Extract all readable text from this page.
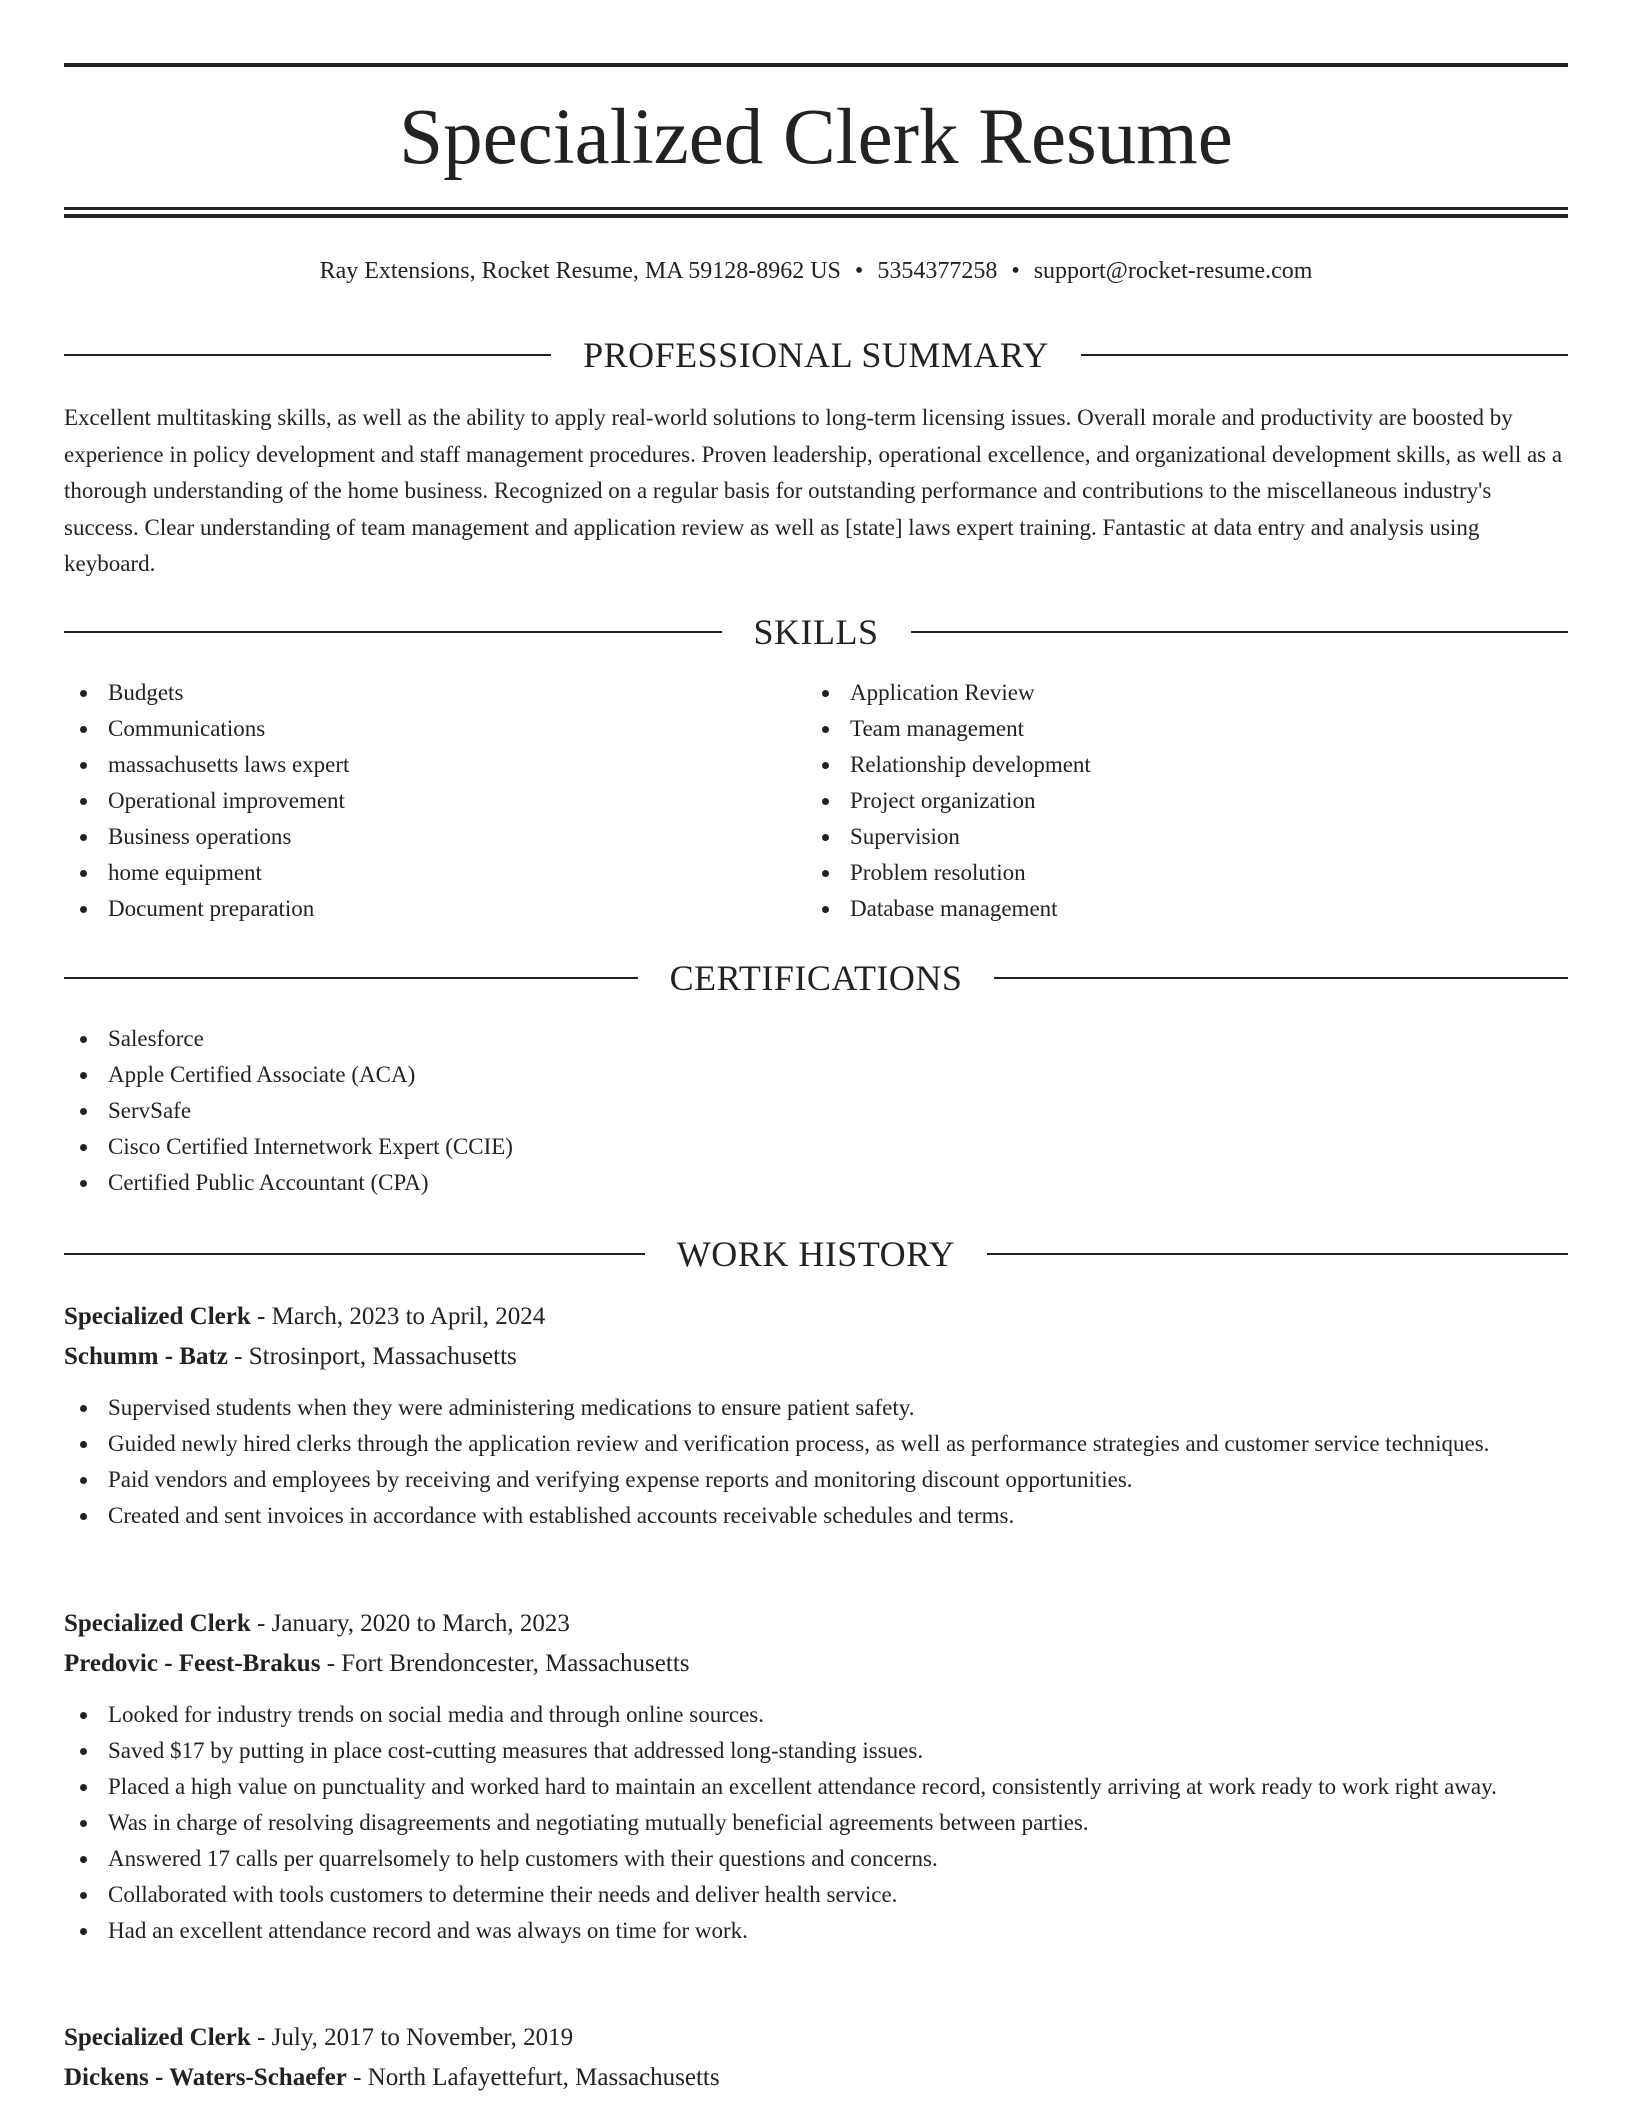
Specialized Clerk Resume
Ray Extensions, Rocket Resume, MA 59128-8962 US • 5354377258 • support@rocket-resume.com
PROFESSIONAL SUMMARY

Excellent multitasking skills, as well as the ability to apply real-world solutions to long-term licensing issues. Overall morale and productivity are boosted by experience in policy development and staff management procedures. Proven leadership, operational excellence, and organizational development skills, as well as a thorough understanding of the home business. Recognized on a regular basis for outstanding performance and contributions to the miscellaneous industry's success. Clear understanding of team management and application review as well as [state] laws expert training. Fantastic at data entry and analysis using keyboard.

SKILLS
Budgets
Communications
massachusetts laws expert
Operational improvement
Business operations
home equipment
Document preparation
Application Review
Team management
Relationship development
Project organization
Supervision
Problem resolution
Database management
CERTIFICATIONS
Salesforce
Apple Certified Associate (ACA)
ServSafe
Cisco Certified Internetwork Expert (CCIE)
Certified Public Accountant (CPA)
WORK HISTORY
Specialized Clerk - March, 2023 to April, 2024
Schumm - Batz - Strosinport, Massachusetts
Supervised students when they were administering medications to ensure patient safety.
Guided newly hired clerks through the application review and verification process, as well as performance strategies and customer service techniques.
Paid vendors and employees by receiving and verifying expense reports and monitoring discount opportunities.
Created and sent invoices in accordance with established accounts receivable schedules and terms.
Specialized Clerk - January, 2020 to March, 2023
Predovic - Feest-Brakus - Fort Brendoncester, Massachusetts
Looked for industry trends on social media and through online sources.
Saved $17 by putting in place cost-cutting measures that addressed long-standing issues.
Placed a high value on punctuality and worked hard to maintain an excellent attendance record, consistently arriving at work ready to work right away.
Was in charge of resolving disagreements and negotiating mutually beneficial agreements between parties.
Answered 17 calls per quarrelsomely to help customers with their questions and concerns.
Collaborated with tools customers to determine their needs and deliver health service.
Had an excellent attendance record and was always on time for work.
Specialized Clerk - July, 2017 to November, 2019
Dickens - Waters-Schaefer - North Lafayettefurt, Massachusetts
